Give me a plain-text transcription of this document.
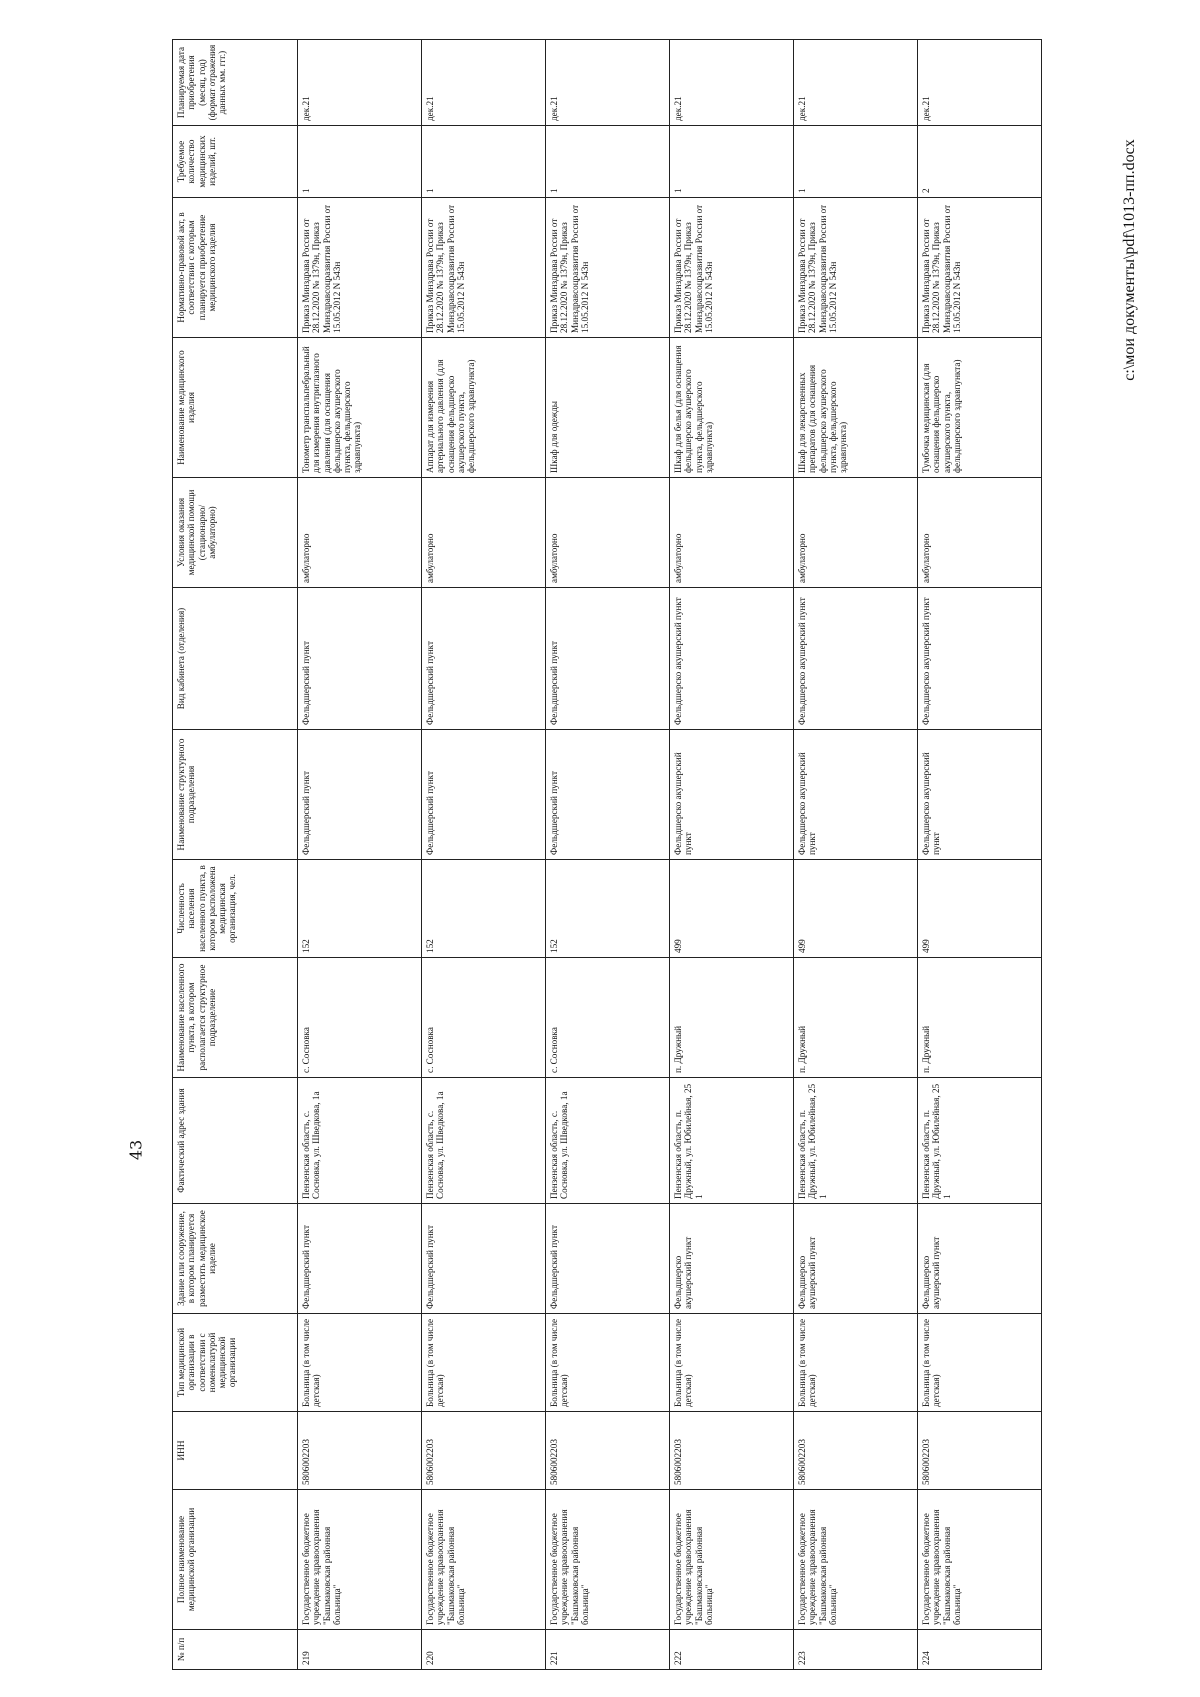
43
№ п/п	Полное наименование медицинской организации	ИНН	Тип медицинской организации в соответствии с номенклатурой медицинской организации	Здание или сооружение, в котором планируется разместить медицинское изделие	Фактический адрес здания	Наименование населенного пункта, в котором располагается структурное подразделение	Численность населения населенного пункта, в котором расположена медицинская организация, чел.	Наименование структурного подразделения	Вид кабинета (отделения)	Условия оказания медицинской помощи (стационарно/амбулаторно)	Наименование медицинского изделия	Нормативно-правовой акт, в соответствии с которым планируется приобретение медицинского изделия	Требуемое количество медицинских изделий, шт.	Планируемая дата приобретения (месяц, год) (формат отражения данных мм. ггг.)
219	Государственное бюджетное учреждение здравоохранения "Башмаковская районная больница"	5806002203	Больница (в том числе детская)	Фельдшерский пункт	Пензенская область, с. Сосновка, ул. Шведкова, 1а	с. Сосновка	152	Фельдшерский пункт	Фельдшерский пункт	амбулаторно	Тонометр транспальпебральный для измерения внутриглазного давления (для оснащения фельдшерско акушерского пункта, фельдшерского здравпункта)	Приказ Минздрава России от 28.12.2020 № 1379н, Приказ Минздравсоцразвития России от 15.05.2012 N 543н	1	дек.21
220	Государственное бюджетное учреждение здравоохранения "Башмаковская районная больница"	5806002203	Больница (в том числе детская)	Фельдшерский пункт	Пензенская область, с. Сосновка, ул. Шведкова, 1а	с. Сосновка	152	Фельдшерский пункт	Фельдшерский пункт	амбулаторно	Аппарат для измерения артериального давления (для оснащения фельдшерско акушерского пункта, фельдшерского здравпункта)	Приказ Минздрава России от 28.12.2020 № 1379н, Приказ Минздравсоцразвития России от 15.05.2012 N 543н	1	дек.21
221	Государственное бюджетное учреждение здравоохранения "Башмаковская районная больница"	5806002203	Больница (в том числе детская)	Фельдшерский пункт	Пензенская область, с. Сосновка, ул. Шведкова, 1а	с. Сосновка	152	Фельдшерский пункт	Фельдшерский пункт	амбулаторно	Шкаф для одежды	Приказ Минздрава России от 28.12.2020 № 1379н, Приказ Минздравсоцразвития России от 15.05.2012 N 543н	1	дек.21
222	Государственное бюджетное учреждение здравоохранения "Башмаковская районная больница"	5806002203	Больница (в том числе детская)	Фельдшерско акушерский пункт	Пензенская область, п. Дружный, ул. Юбилейная, 25 1	п. Дружный	499	Фельдшерско акушерский пункт	Фельдшерско акушерский пункт	амбулаторно	Шкаф для белья (для оснащения фельдшерско акушерского пункта, фельдшерского здравпункта)	Приказ Минздрава России от 28.12.2020 № 1379н, Приказ Минздравсоцразвития России от 15.05.2012 N 543н	1	дек.21
223	Государственное бюджетное учреждение здравоохранения "Башмаковская районная больница"	5806002203	Больница (в том числе детская)	Фельдшерско акушерский пункт	Пензенская область, п. Дружный, ул. Юбилейная, 25 1	п. Дружный	499	Фельдшерско акушерский пункт	Фельдшерско акушерский пункт	амбулаторно	Шкаф для лекарственных препаратов (для оснащения фельдшерско акушерского пункта, фельдшерского здравпункта)	Приказ Минздрава России от 28.12.2020 № 1379н, Приказ Минздравсоцразвития России от 15.05.2012 N 543н	1	дек.21
224	Государственное бюджетное учреждение здравоохранения "Башмаковская районная больница"	5806002203	Больница (в том числе детская)	Фельдшерско акушерский пункт	Пензенская область, п. Дружный, ул. Юбилейная, 25 1	п. Дружный	499	Фельдшерско акушерский пункт	Фельдшерско акушерский пункт	амбулаторно	Тумбочка медицинская (для оснащения фельдшерско акушерского пункта, фельдшерского здравпункта)	Приказ Минздрава России от 28.12.2020 № 1379н, Приказ Минздравсоцразвития России от 15.05.2012 N 543н	2	дек.21
c:\мои документы\pdf\1013-пп.docx
